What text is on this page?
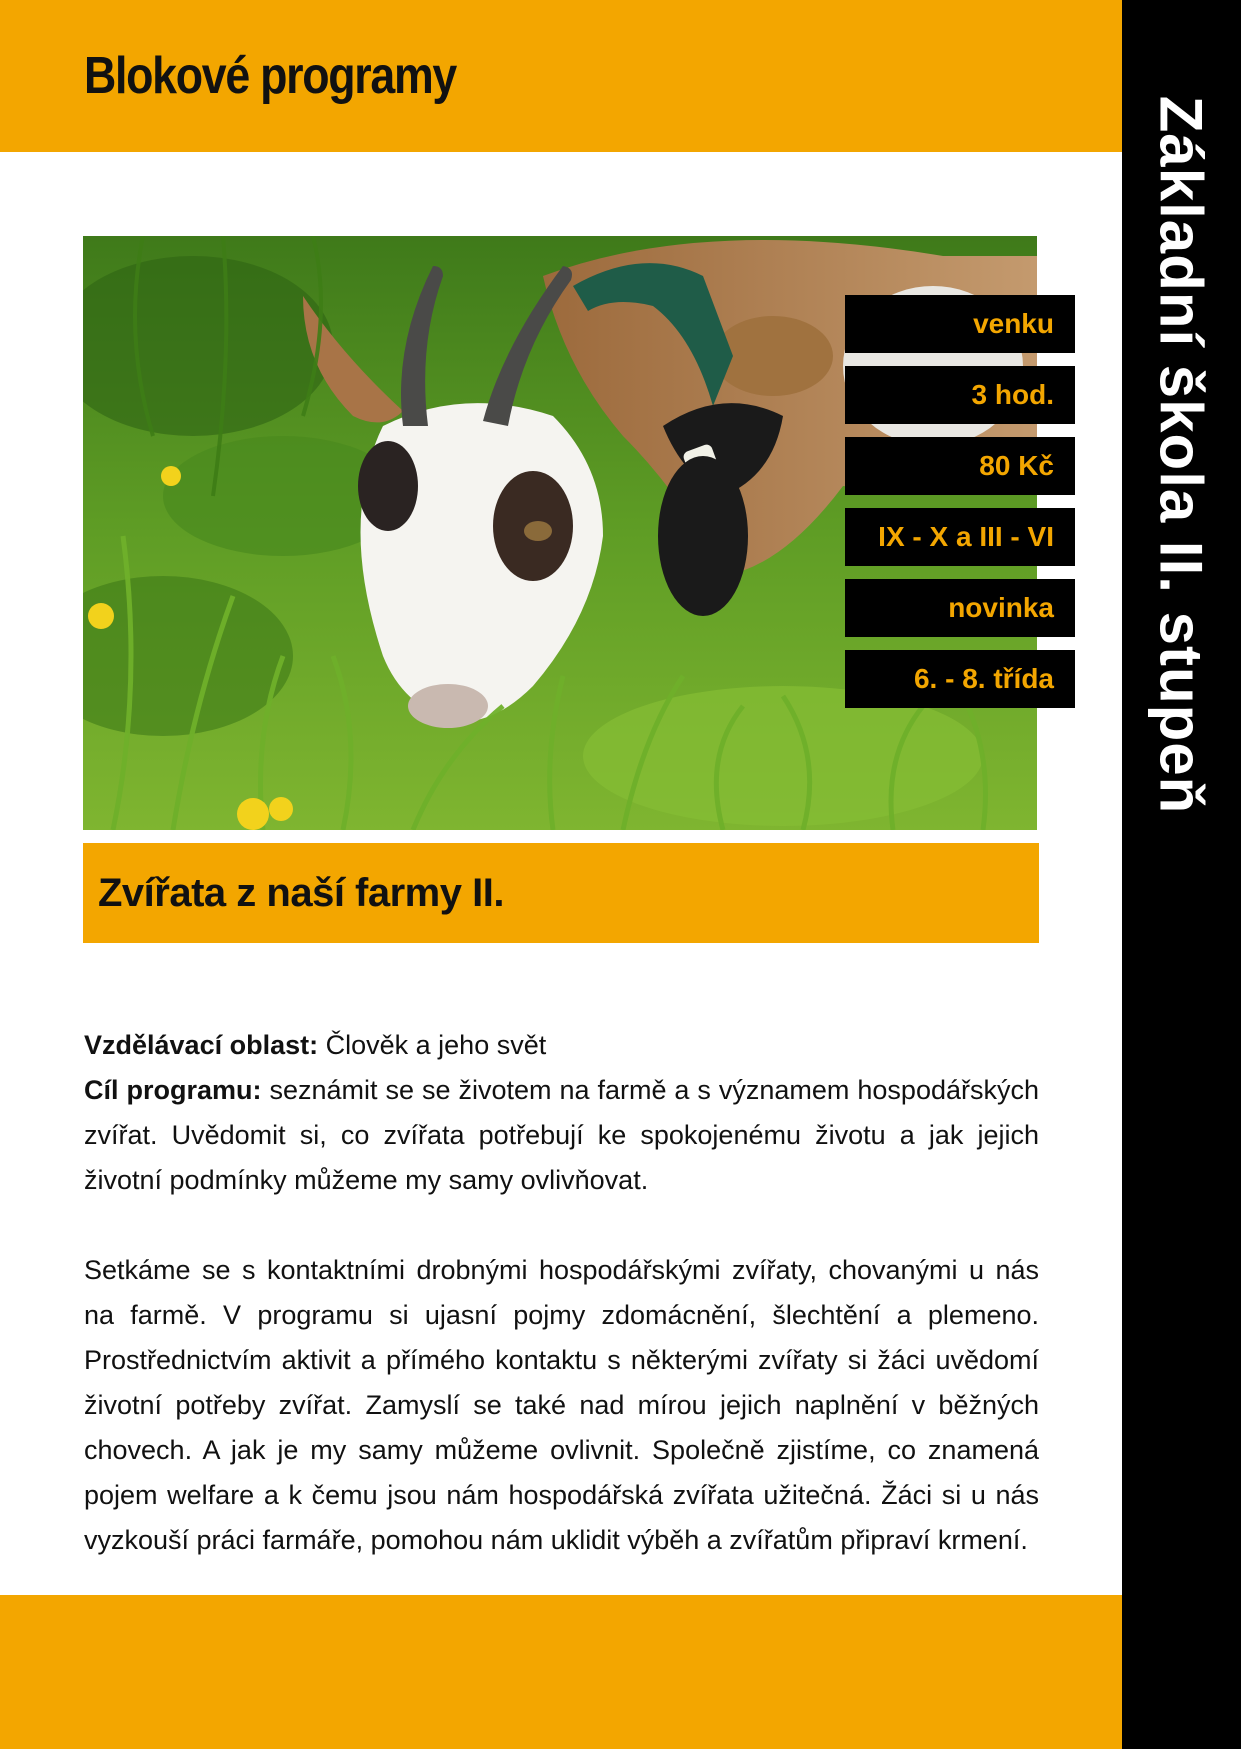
Blokové programy
Základní škola II. stupeň
venku
3 hod.
80 Kč
IX - X a III - VI
novinka
6. - 8. třída
Zvířata z naší farmy II.

Vzdělávací oblast: Člověk a jeho svět

Cíl programu: seznámit se se životem na farmě a s významem hospodářských zvířat. Uvědomit si, co zvířata potřebují ke spokojenému životu a jak jejich životní podmínky můžeme my samy ovlivňovat.

Setkáme se s kontaktními drobnými hospodářskými zvířaty, chovanými u nás na farmě. V programu si ujasní pojmy zdomácnění, šlechtění a plemeno. Prostřednictvím aktivit a přímého kontaktu s některými zvířaty si žáci uvědomí životní potřeby zvířat. Zamyslí se také nad mírou jejich naplnění v běžných chovech. A jak je my samy můžeme ovlivnit. Společně zjistíme, co znamená pojem welfare a k čemu jsou nám hospodářská zvířata užitečná. Žáci si u nás vyzkouší práci farmáře, pomohou nám uklidit výběh a zvířatům připraví krmení.
